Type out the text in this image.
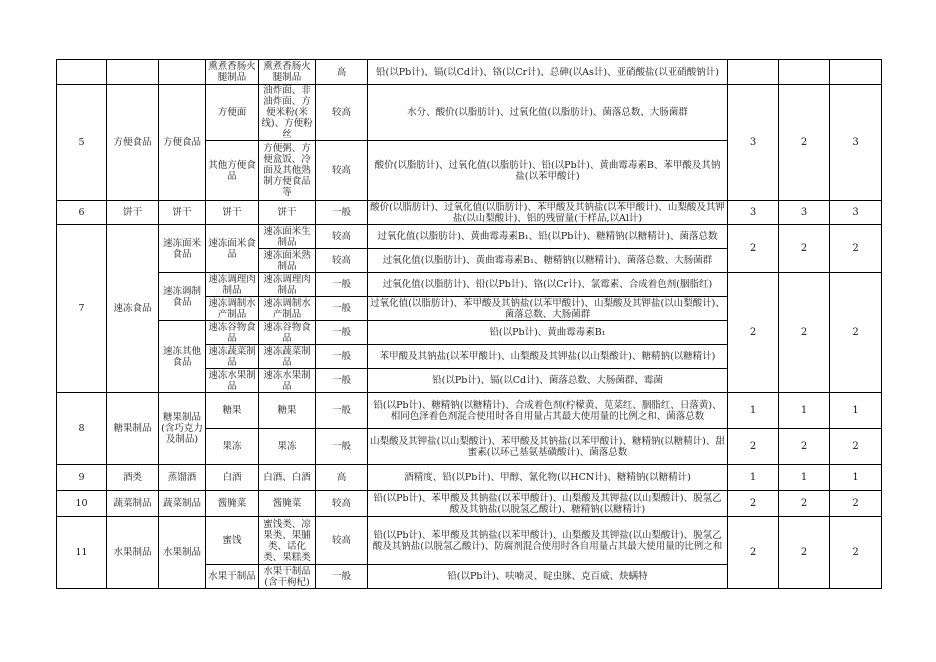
			熏煮香肠火腿制品	熏煮香肠火腿制品	高	铅(以Pb计)、镉(以Cd计)、铬(以Cr计)、总砷(以As计)、亚硝酸盐(以亚硝酸钠计)			
5	方便食品	方便食品	方便面	油炸面、非油炸面、方便米粉(米线)、方便粉丝	较高	水分、酸价(以脂肪计)、过氧化值(以脂肪计)、菌落总数、大肠菌群	3	2	3
			其他方便食品	方便粥、方便盒饭、冷面及其他熟制方便食品等	较高	酸价(以脂肪计)、过氧化值(以脂肪计)、铅(以Pb计)、黄曲霉毒素B、苯甲酸及其钠盐(以苯甲酸计)			
6	饼干	饼干	饼干	饼干	一般	酸价(以脂肪计)、过氧化值(以脂肪计)、苯甲酸及其钠盐(以苯甲酸计)、山梨酸及其钾盐(以山梨酸计)、铝的残留量(干样品,以Al计)	3	3	3
7	速冻食品	速冻面米食品	速冻面米食品	速冻面米生制品	较高	过氧化值(以脂肪计)、黄曲霉毒素B₁、铅(以Pb计)、糖精钠(以糖精计)、菌落总数	2	2	2
				速冻面米熟制品	较高	过氧化值(以脂肪计)、黄曲霉毒素B₁、糖精钠(以糖精计)、菌落总数、大肠菌群			
		速冻调制食品	速冻调理肉制品	速冻调理肉制品	一般	过氧化值(以脂肪计)、铅(以Pb计)、铬(以Cr计)、氯霉素、合成着色剂(胭脂红)	2	2	2
			速冻调制水产制品	速冻调制水产制品	一般	过氧化值(以脂肪计)、苯甲酸及其钠盐(以苯甲酸计)、山梨酸及其钾盐(以山梨酸计)、菌落总数、大肠菌群			
		速冻其他食品	速冻谷物食品	速冻谷物食品	一般	铅(以Pb计)、黄曲霉毒素B₁			
			速冻蔬菜制品	速冻蔬菜制品	一般	苯甲酸及其钠盐(以苯甲酸计)、山梨酸及其钾盐(以山梨酸计)、糖精钠(以糖精计)			
			速冻水果制品	速冻水果制品	一般	铅(以Pb计)、镉(以Cd计)、菌落总数、大肠菌群、霉菌			
8	糖果制品	糖果制品(含巧克力及制品)	糖果	糖果	一般	铅(以Pb计)、糖精钠(以糖精计)、合成着色剂(柠檬黄、苋菜红、胭脂红、日落黄)、相同色泽着色剂混合使用时各自用量占其最大使用量的比例之和、菌落总数	1	1	1
			果冻	果冻	一般	山梨酸及其钾盐(以山梨酸计)、苯甲酸及其钠盐(以苯甲酸计)、糖精钠(以糖精计)、甜蜜素(以环己基氨基磺酸计)、菌落总数	2	2	2
9	酒类	蒸馏酒	白酒	白酒、白酒	高	酒精度、铅(以Pb计)、甲醇、氰化物(以HCN计)、糖精钠(以糖精计)	1	1	1
10	蔬菜制品	蔬菜制品	酱腌菜	酱腌菜	较高	铅(以Pb计)、苯甲酸及其钠盐(以苯甲酸计)、山梨酸及其钾盐(以山梨酸计)、脱氢乙酸及其钠盐(以脱氢乙酸计)、糖精钠(以糖精计)	2	2	2
11	水果制品	水果制品	蜜饯	蜜饯类、凉果类、果脯类、话化类、果糕类	较高	铅(以Pb计)、苯甲酸及其钠盐(以苯甲酸计)、山梨酸及其钾盐(以山梨酸计)、脱氢乙酸及其钠盐(以脱氢乙酸计)、防腐剂混合使用时各自用量占其最大使用量的比例之和	2	2	2
			水果干制品	水果干制品(含干枸杞)	一般	铅(以Pb计)、呋喃灵、啶虫脒、克百威、炔螨特			
